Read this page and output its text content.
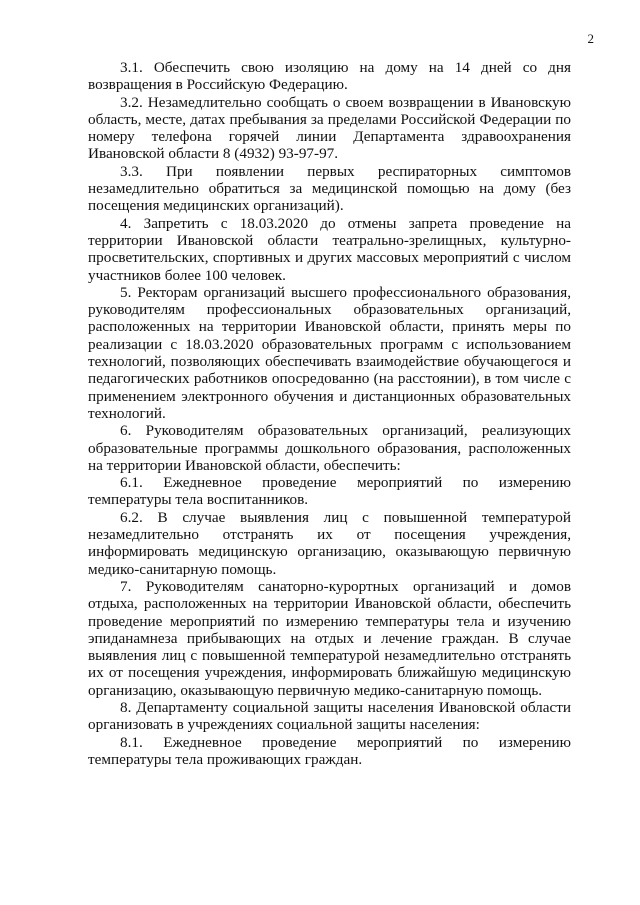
2

3.1. Обеспечить свою изоляцию на дому на 14 дней со дня возвращения в Российскую Федерацию.

3.2. Незамедлительно сообщать о своем возвращении в Ивановскую область, месте, датах пребывания за пределами Российской Федерации по номеру телефона горячей линии Департамента здравоохранения Ивановской области 8 (4932) 93-97-97.

3.3. При появлении первых респираторных симптомов незамедлительно обратиться за медицинской помощью на дому (без посещения медицинских организаций).

4. Запретить с 18.03.2020 до отмены запрета проведение на территории Ивановской области театрально-зрелищных, культурно-просветительских, спортивных и других массовых мероприятий с числом участников более 100 человек.

5. Ректорам организаций высшего профессионального образования, руководителям профессиональных образовательных организаций, расположенных на территории Ивановской области, принять меры по реализации с 18.03.2020 образовательных программ с использованием технологий, позволяющих обеспечивать взаимодействие обучающегося и педагогических работников опосредованно (на расстоянии), в том числе с применением электронного обучения и дистанционных образовательных технологий.

6. Руководителям образовательных организаций, реализующих образовательные программы дошкольного образования, расположенных на территории Ивановской области, обеспечить:

6.1. Ежедневное проведение мероприятий по измерению температуры тела воспитанников.

6.2. В случае выявления лиц с повышенной температурой незамедлительно отстранять их от посещения учреждения, информировать медицинскую организацию, оказывающую первичную медико-санитарную помощь.

7. Руководителям санаторно-курортных организаций и домов отдыха, расположенных на территории Ивановской области, обеспечить проведение мероприятий по измерению температуры тела и изучению эпиданамнеза прибывающих на отдых и лечение граждан. В случае выявления лиц с повышенной температурой незамедлительно отстранять их от посещения учреждения, информировать ближайшую медицинскую организацию, оказывающую первичную медико-санитарную помощь.

8. Департаменту социальной защиты населения Ивановской области организовать в учреждениях социальной защиты населения:

8.1. Ежедневное проведение мероприятий по измерению температуры тела проживающих граждан.
